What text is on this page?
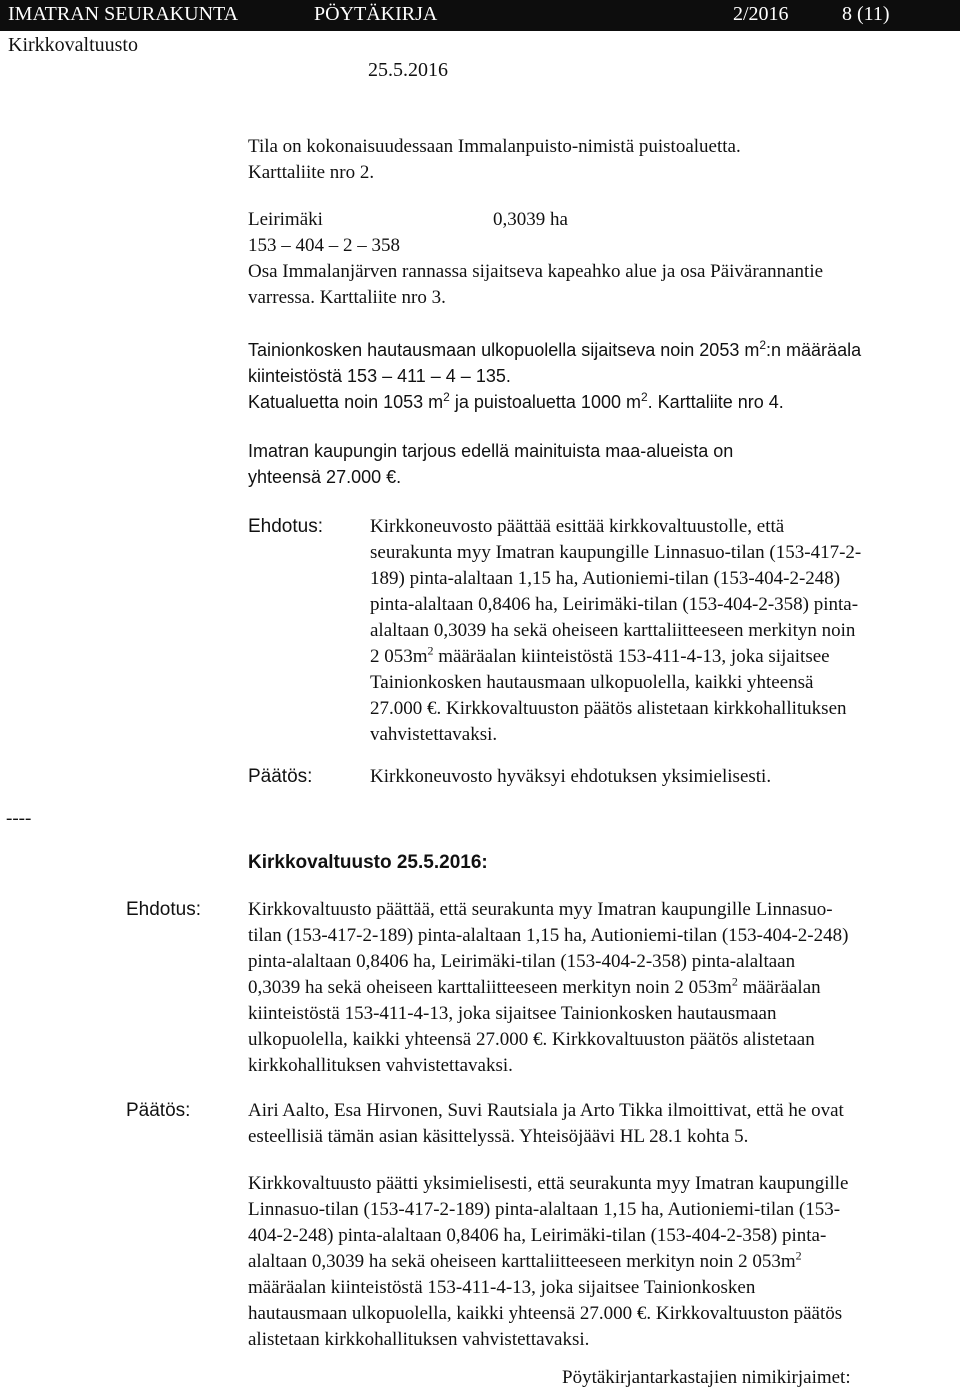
IMATRAN SEURAKUNTA	PÖYTÄKIRJA	2/2016	8 (11)
Kirkkovaltuusto
25.5.2016

Tila on kokonaisuudessaan Immalanpuisto-nimistä puistoaluetta.

Karttaliite nro 2.

Leirimäki	0,3039 ha

153 – 404 – 2 – 358

Osa Immalanjärven rannassa sijaitseva kapeahko alue ja osa Päivärannantie

varressa. Karttaliite nro 3.

Tainionkosken hautausmaan ulkopuolella sijaitseva noin 2053 $m^2:n$ määräala

kiinteistöstä 153 – 411 – 4 – 135.

Katualuetta noin 1053 $m^2$ ja puistoaluetta 1000 $m^2$. Karttaliite nro 4.

Imatran kaupungin tarjous edellä mainituista maa-alueista on

yhteensä 27.000 €.

Ehdotus: Kirkkoneuvosto päättää esittää kirkkovaltuustolle, että

seurakunta myy Imatran kaupungille Linnasuo-tilan (153-417-2-

189) pinta-alaltaan 1,15 ha, Autioniemi-tilan (153-404-2-248)

pinta-alaltaan 0,8406 ha, Leirimäki-tilan (153-404-2-358) pinta-

alaltaan 0,3039 ha sekä oheiseen karttaliitteeseen merkityn noin

2 $053m^2$ määräalan kiinteistöstä 153-411-4-13, joka sijaitsee

Tainionkosken hautausmaan ulkopuolella, kaikki yhteensä

27.000 €. Kirkkovaltuuston päätös alistetaan kirkkohallituksen

vahvistettavaksi.

Päätös:	Kirkkoneuvosto hyväksyi ehdotuksen yksimielisesti.
----
Kirkkovaltuusto 25.5.2016:
Ehdotus: Kirkkovaltuusto päättää, että seurakunta myy Imatran kaupungille Linnasuo-

tilan (153-417-2-189) pinta-alaltaan 1,15 ha, Autioniemi-tilan (153-404-2-248)

pinta-alaltaan 0,8406 ha, Leirimäki-tilan (153-404-2-358) pinta-alaltaan

0,3039 ha sekä oheiseen karttaliitteeseen merkityn noin 2 $053m^2$ määräalan

kiinteistöstä 153-411-4-13, joka sijaitsee Tainionkosken hautausmaan

ulkopuolella, kaikki yhteensä 27.000 €. Kirkkovaltuuston päätös alistetaan

kirkkohallituksen vahvistettavaksi.

Päätös:	Airi Aalto, Esa Hirvonen, Suvi Rautsiala ja Arto Tikka ilmoittivat, että he ovat

esteellisiä tämän asian käsittelyssä. Yhteisöjäävi HL 28.1 kohta 5.

Kirkkovaltuusto päätti yksimielisesti, että seurakunta myy Imatran kaupungille

Linnasuo-tilan (153-417-2-189) pinta-alaltaan 1,15 ha, Autioniemi-tilan (153-

404-2-248) pinta-alaltaan 0,8406 ha, Leirimäki-tilan (153-404-2-358) pinta-

alaltaan 0,3039 ha sekä oheiseen karttaliitteeseen merkityn noin 2 $053m^2$

määräalan kiinteistöstä 153-411-4-13, joka sijaitsee Tainionkosken

hautausmaan ulkopuolella, kaikki yhteensä 27.000 €. Kirkkovaltuuston päätös

alistetaan kirkkohallituksen vahvistettavaksi.

Pöytäkirjantarkastajien nimikirjaimet:
